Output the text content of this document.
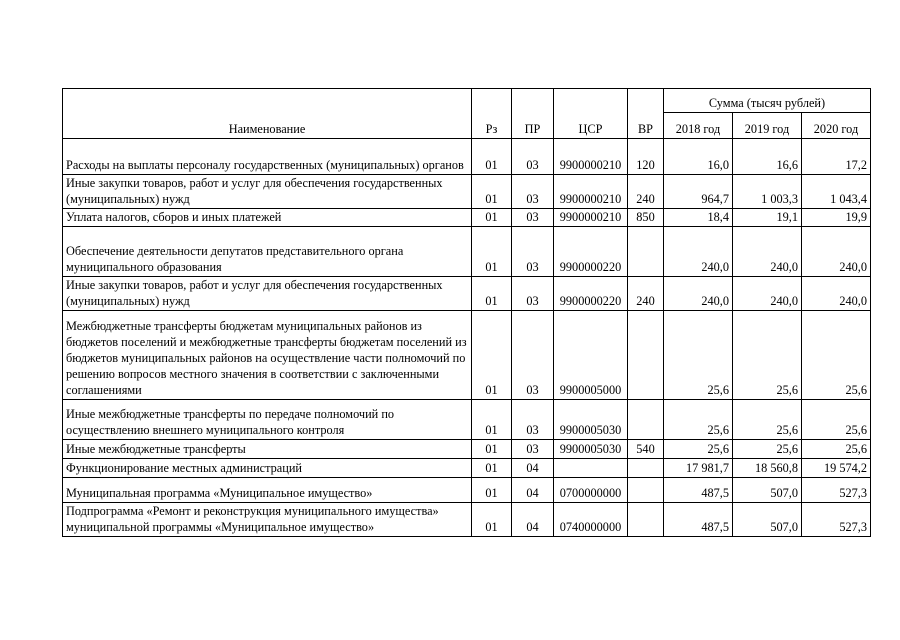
Наименование	Рз	ПР	ЦСР	ВР	Сумма (тысяч рублей)		
					2018 год	2019 год	2020 год
Расходы на выплаты персоналу государственных (муниципальных) органов	01	03	9900000210	120	16,0	16,6	17,2
Иные закупки товаров, работ и услуг для обеспечения государственных (муниципальных) нужд	01	03	9900000210	240	964,7	1 003,3	1 043,4
Уплата налогов, сборов и иных платежей	01	03	9900000210	850	18,4	19,1	19,9
Обеспечение деятельности депутатов представительного органа муниципального образования	01	03	9900000220		240,0	240,0	240,0
Иные закупки товаров, работ и услуг для обеспечения государственных (муниципальных) нужд	01	03	9900000220	240	240,0	240,0	240,0
Межбюджетные трансферты бюджетам муниципальных районов из бюджетов поселений и межбюджетные трансферты бюджетам поселений из бюджетов муниципальных районов на осуществление части полномочий по решению вопросов местного значения в соответствии с заключенными соглашениями	01	03	9900005000		25,6	25,6	25,6
Иные межбюджетные трансферты по передаче полномочий по осуществлению внешнего муниципального контроля	01	03	9900005030		25,6	25,6	25,6
Иные межбюджетные трансферты	01	03	9900005030	540	25,6	25,6	25,6
Функционирование местных администраций	01	04			17 981,7	18 560,8	19 574,2
Муниципальная программа «Муниципальное имущество»	01	04	0700000000		487,5	507,0	527,3
Подпрограмма «Ремонт и реконструкция муниципального имущества» муниципальной программы «Муниципальное имущество»	01	04	0740000000		487,5	507,0	527,3
